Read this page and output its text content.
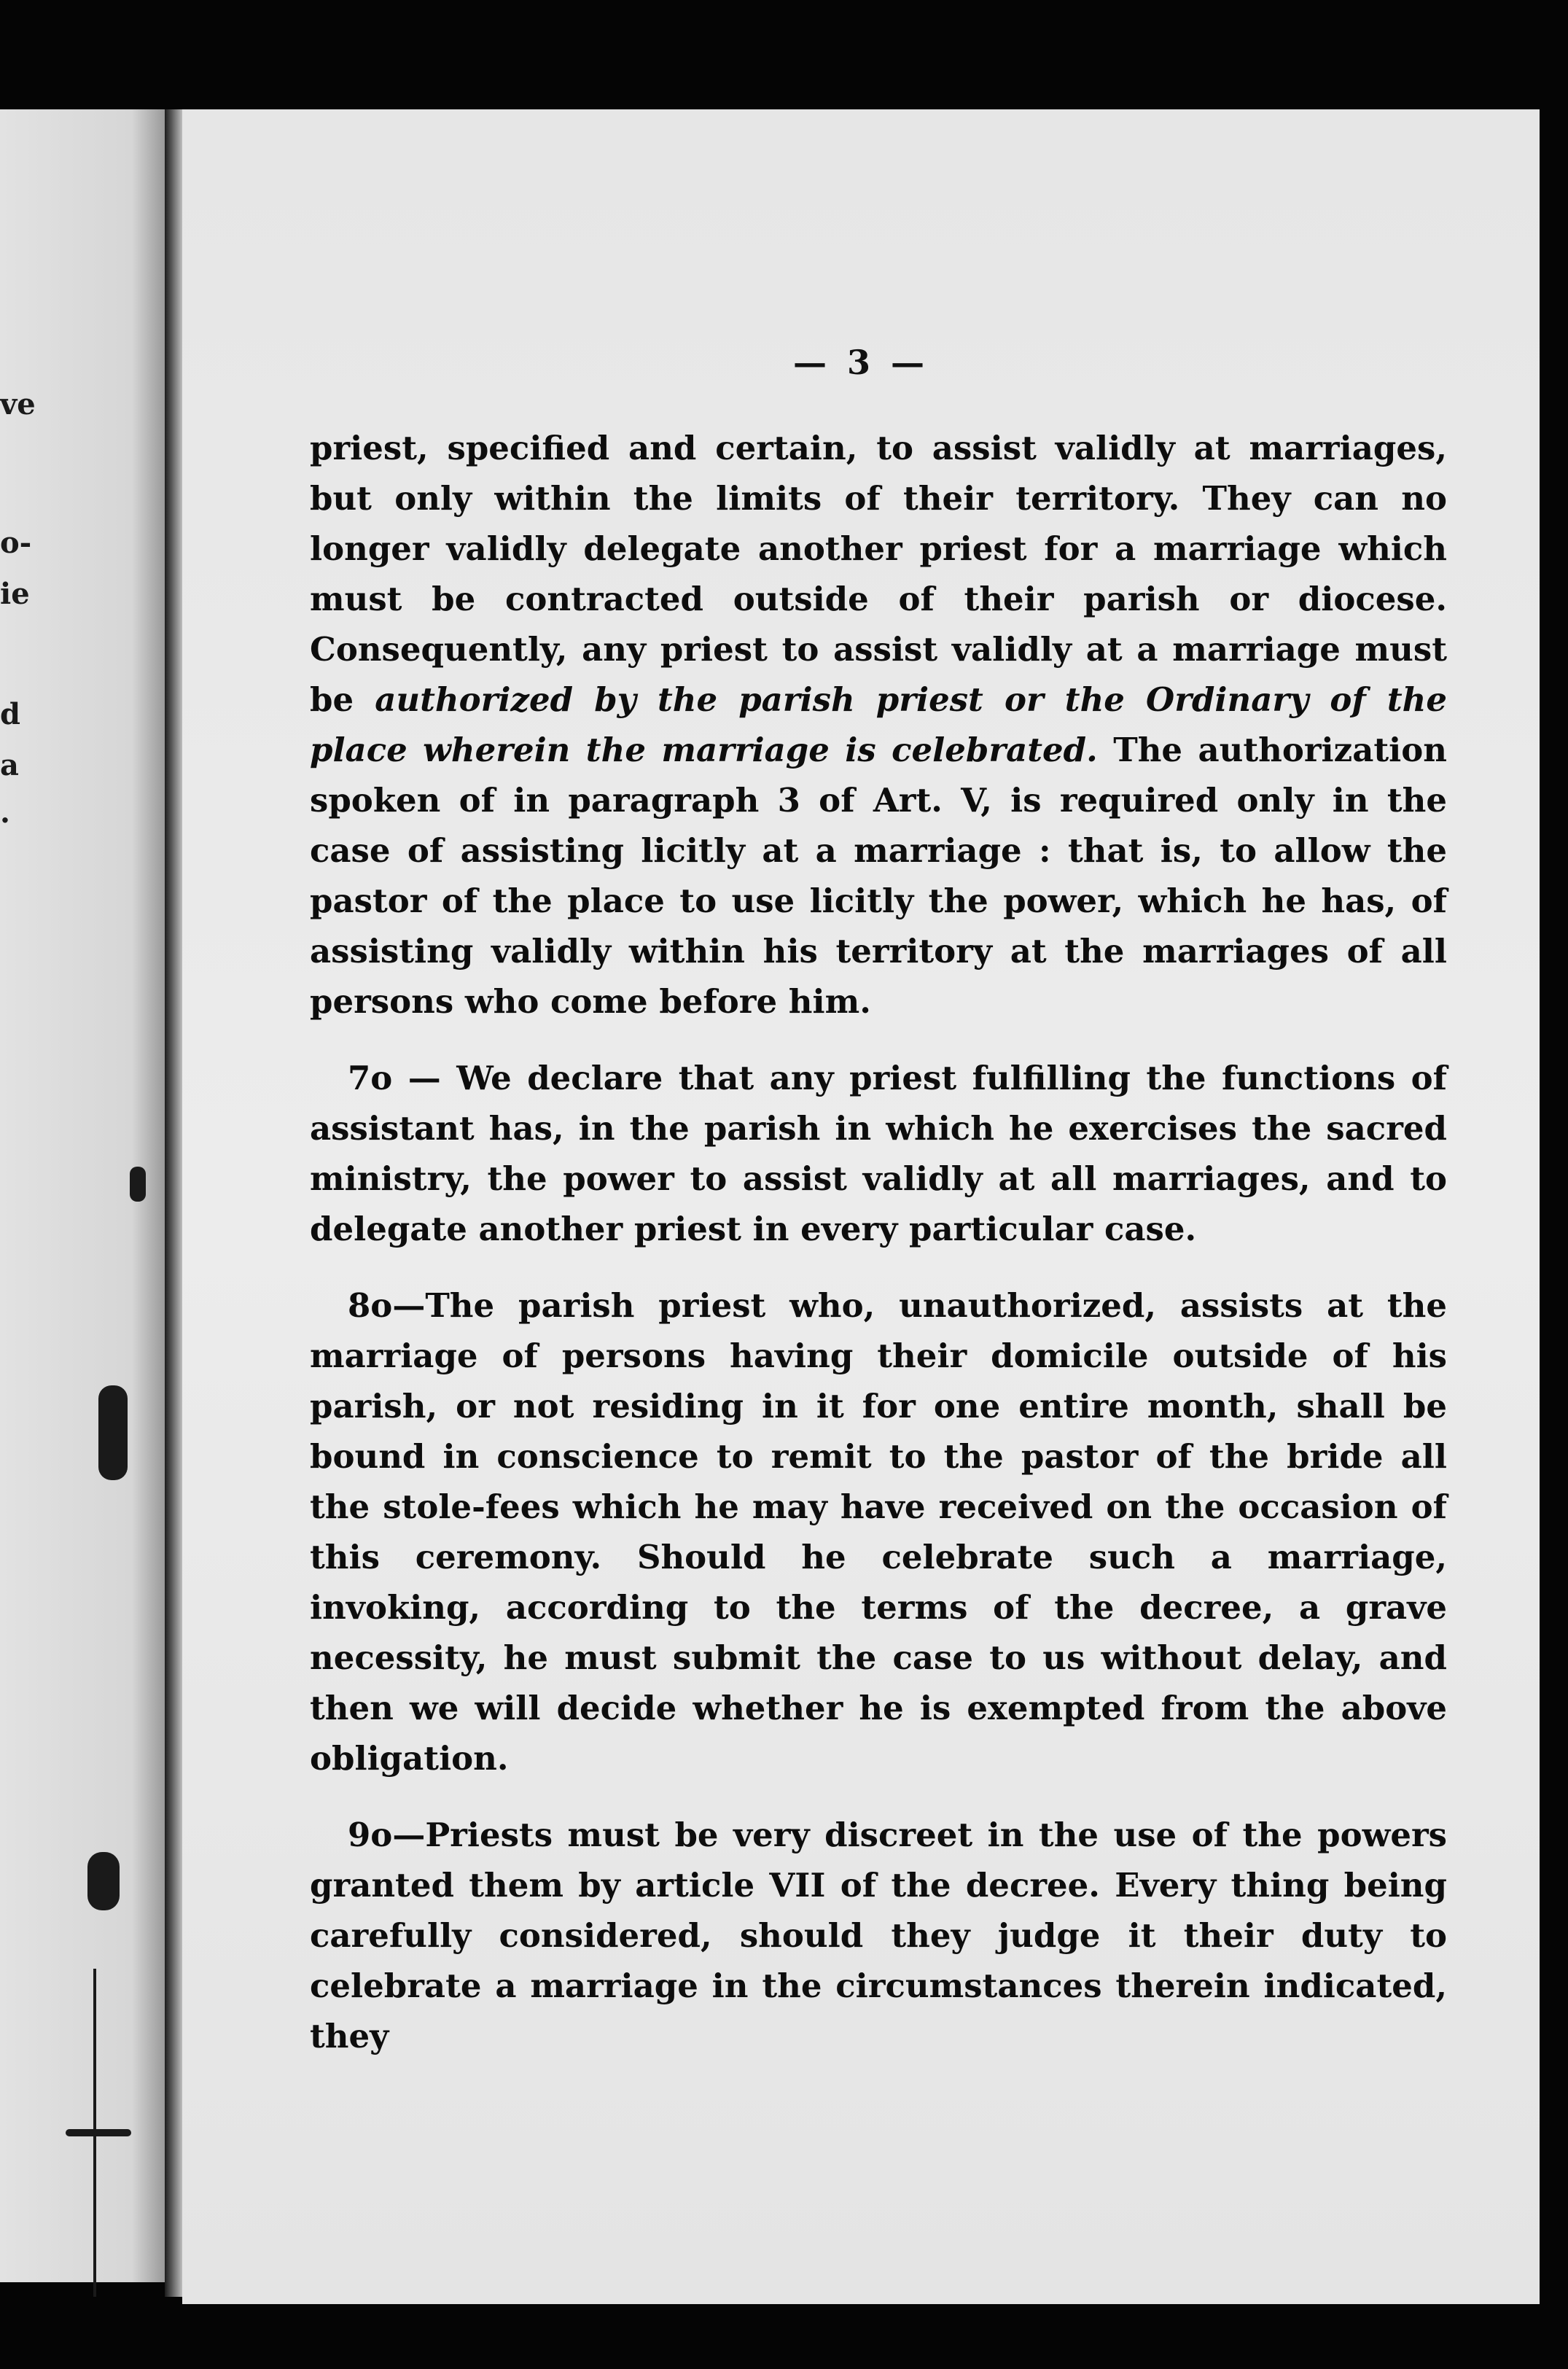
ve
o-
ie
d
a
.
— 3 —

priest, specified and certain, to assist validly at marriages, but only within the limits of their territory. They can no longer validly delegate another priest for a marriage which must be contracted outside of their parish or diocese. Consequently, any priest to assist validly at a marriage must be authorized by the parish priest or the Ordinary of the place wherein the marriage is celebrated. The authorization spoken of in paragraph 3 of Art. V, is required only in the case of assisting licitly at a marriage : that is, to allow the pastor of the place to use licitly the power, which he has, of assisting validly within his territory at the marriages of all persons who come before him.

7o — We declare that any priest fulfilling the functions of assistant has, in the parish in which he exercises the sacred ministry, the power to assist validly at all marriages, and to delegate another priest in every particular case.

8o—The parish priest who, unauthorized, assists at the marriage of persons having their domicile outside of his parish, or not residing in it for one entire month, shall be bound in conscience to remit to the pastor of the bride all the stole-fees which he may have received on the occasion of this ceremony. Should he celebrate such a marriage, invoking, according to the terms of the decree, a grave necessity, he must submit the case to us without delay, and then we will decide whether he is exempted from the above obligation.

9o—Priests must be very discreet in the use of the powers granted them by article VII of the decree. Every thing being carefully considered, should they judge it their duty to celebrate a marriage in the circumstances therein indicated, they
